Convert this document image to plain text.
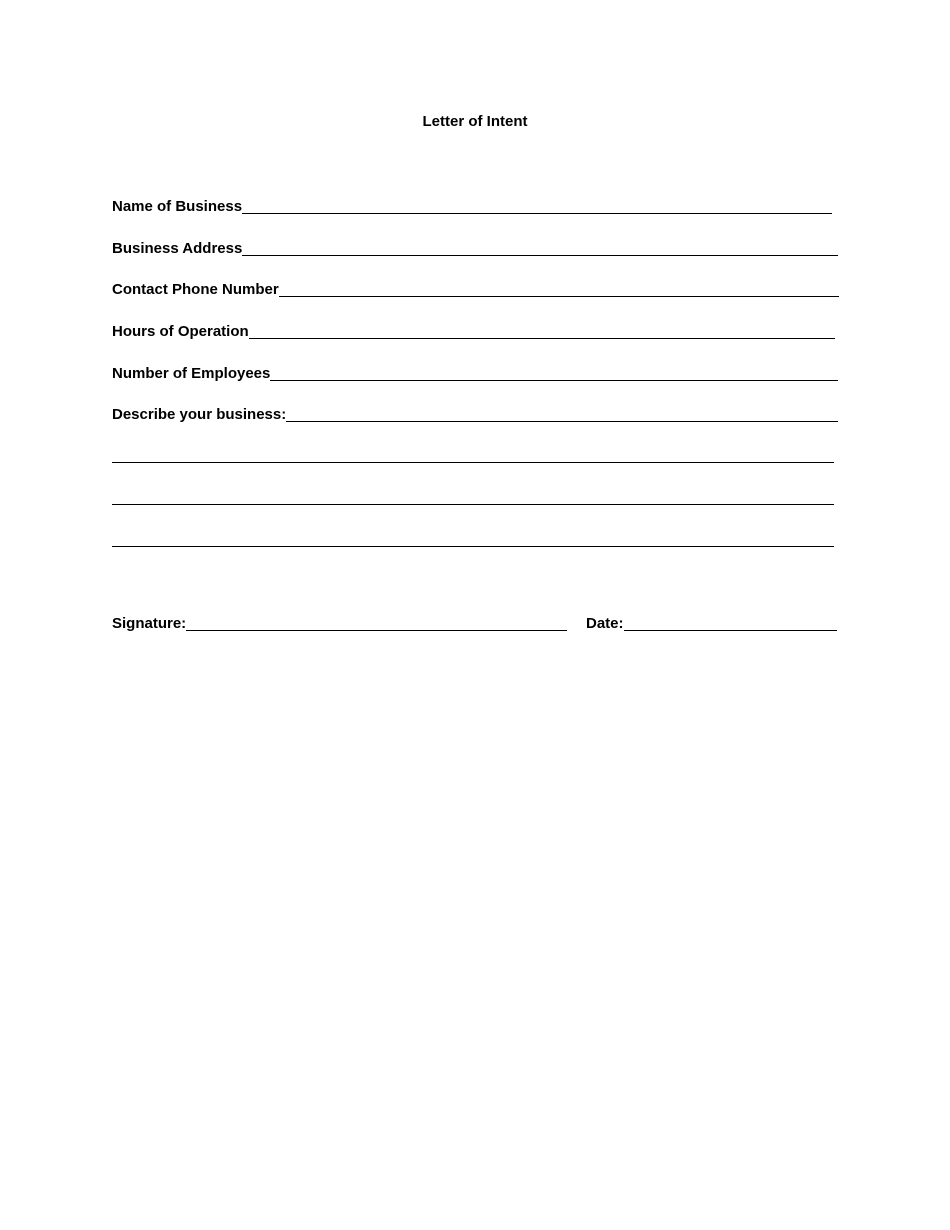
Letter of Intent
Name of Business
Business Address
Contact Phone Number
Hours of Operation
Number of Employees
Describe your business:
Signature:	Date:
